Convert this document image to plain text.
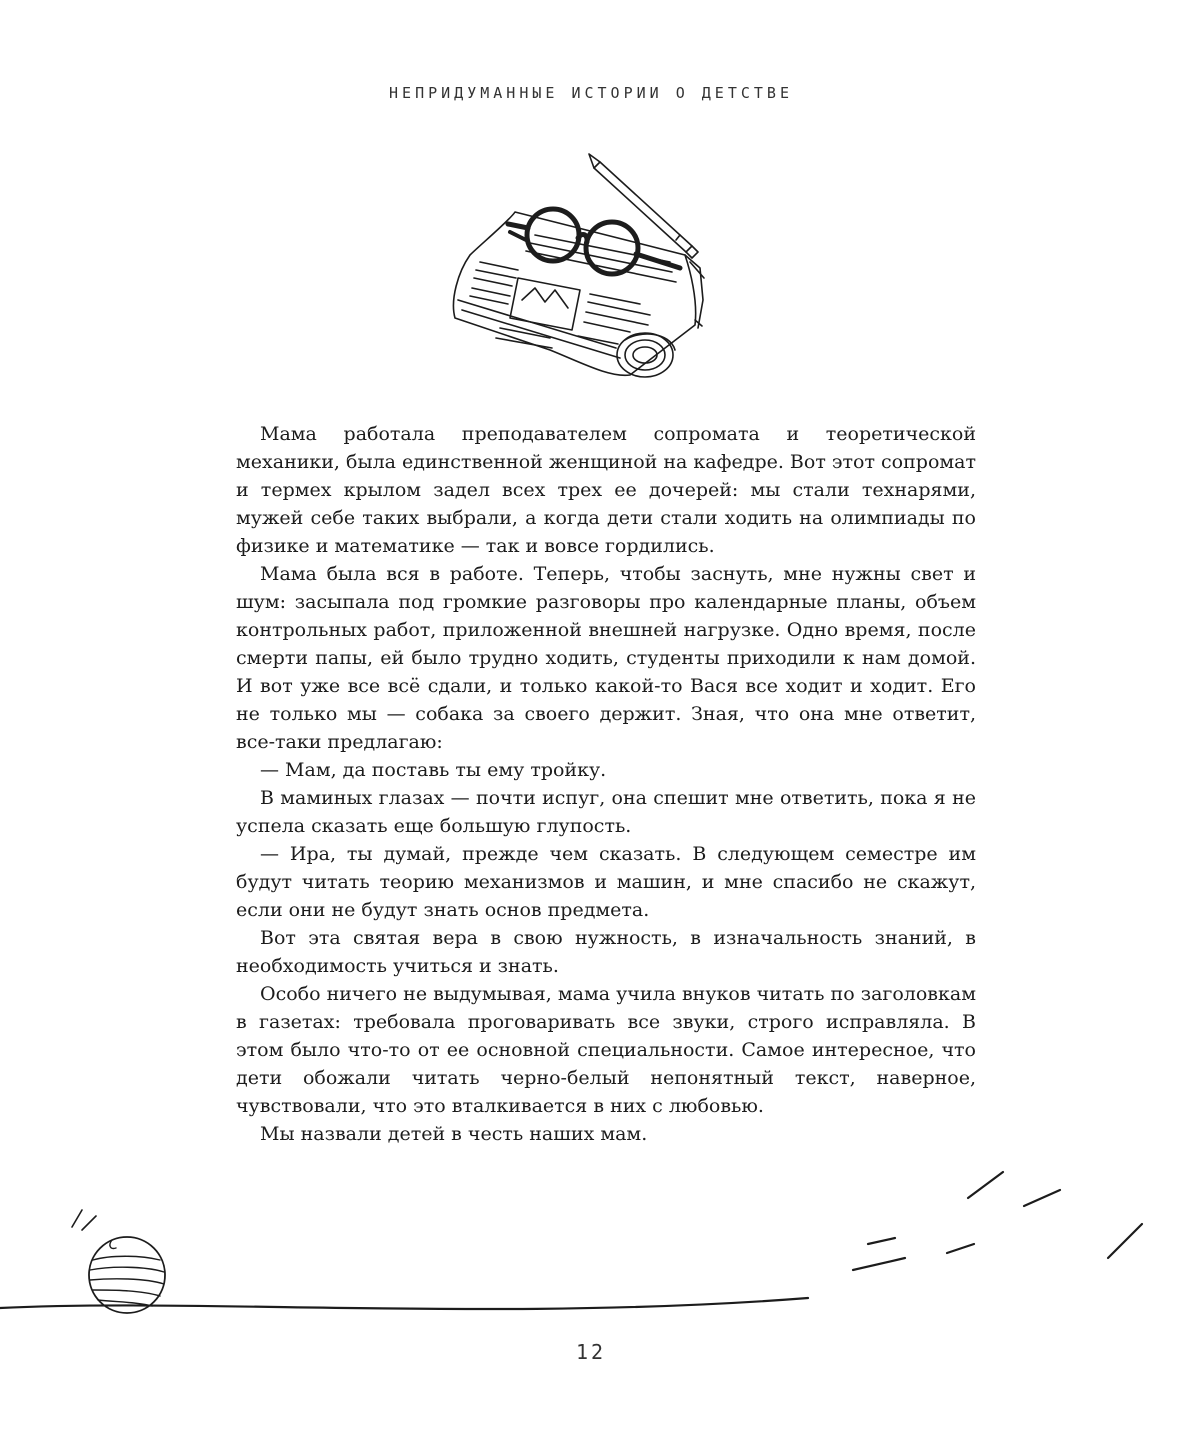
НЕПРИДУМАННЫЕ ИСТОРИИ О ДЕТСТВЕ

Мама работала преподавателем сопромата и теоретической механики, была единственной женщиной на кафедре. Вот этот сопромат и термех крылом задел всех трех ее дочерей: мы стали технарями, мужей себе таких выбрали, а когда дети стали ходить на олимпиады по физике и математике — так и вовсе гордились.

Мама была вся в работе. Теперь, чтобы заснуть, мне нужны свет и шум: засыпала под громкие разговоры про календарные планы, объем контрольных работ, приложенной внешней нагрузке. Одно время, после смерти папы, ей было трудно ходить, студенты приходили к нам домой. И вот уже все всё сдали, и только какой-то Вася все ходит и ходит. Его не только мы — собака за своего держит. Зная, что она мне ответит, все-таки предлагаю:

— Мам, да поставь ты ему тройку.

В маминых глазах — почти испуг, она спешит мне ответить, пока я не успела сказать еще большую глупость.

— Ира, ты думай, прежде чем сказать. В следующем семестре им будут читать теорию механизмов и машин, и мне спасибо не скажут, если они не будут знать основ предмета.

Вот эта святая вера в свою нужность, в изначальность знаний, в необходимость учиться и знать.

Особо ничего не выдумывая, мама учила внуков читать по заголовкам в газетах: требовала проговаривать все звуки, строго исправляла. В этом было что-то от ее основной специальности. Самое интересное, что дети обожали читать черно-белый непонятный текст, наверное, чувствовали, что это вталкивается в них с любовью.

Мы назвали детей в честь наших мам.

12
